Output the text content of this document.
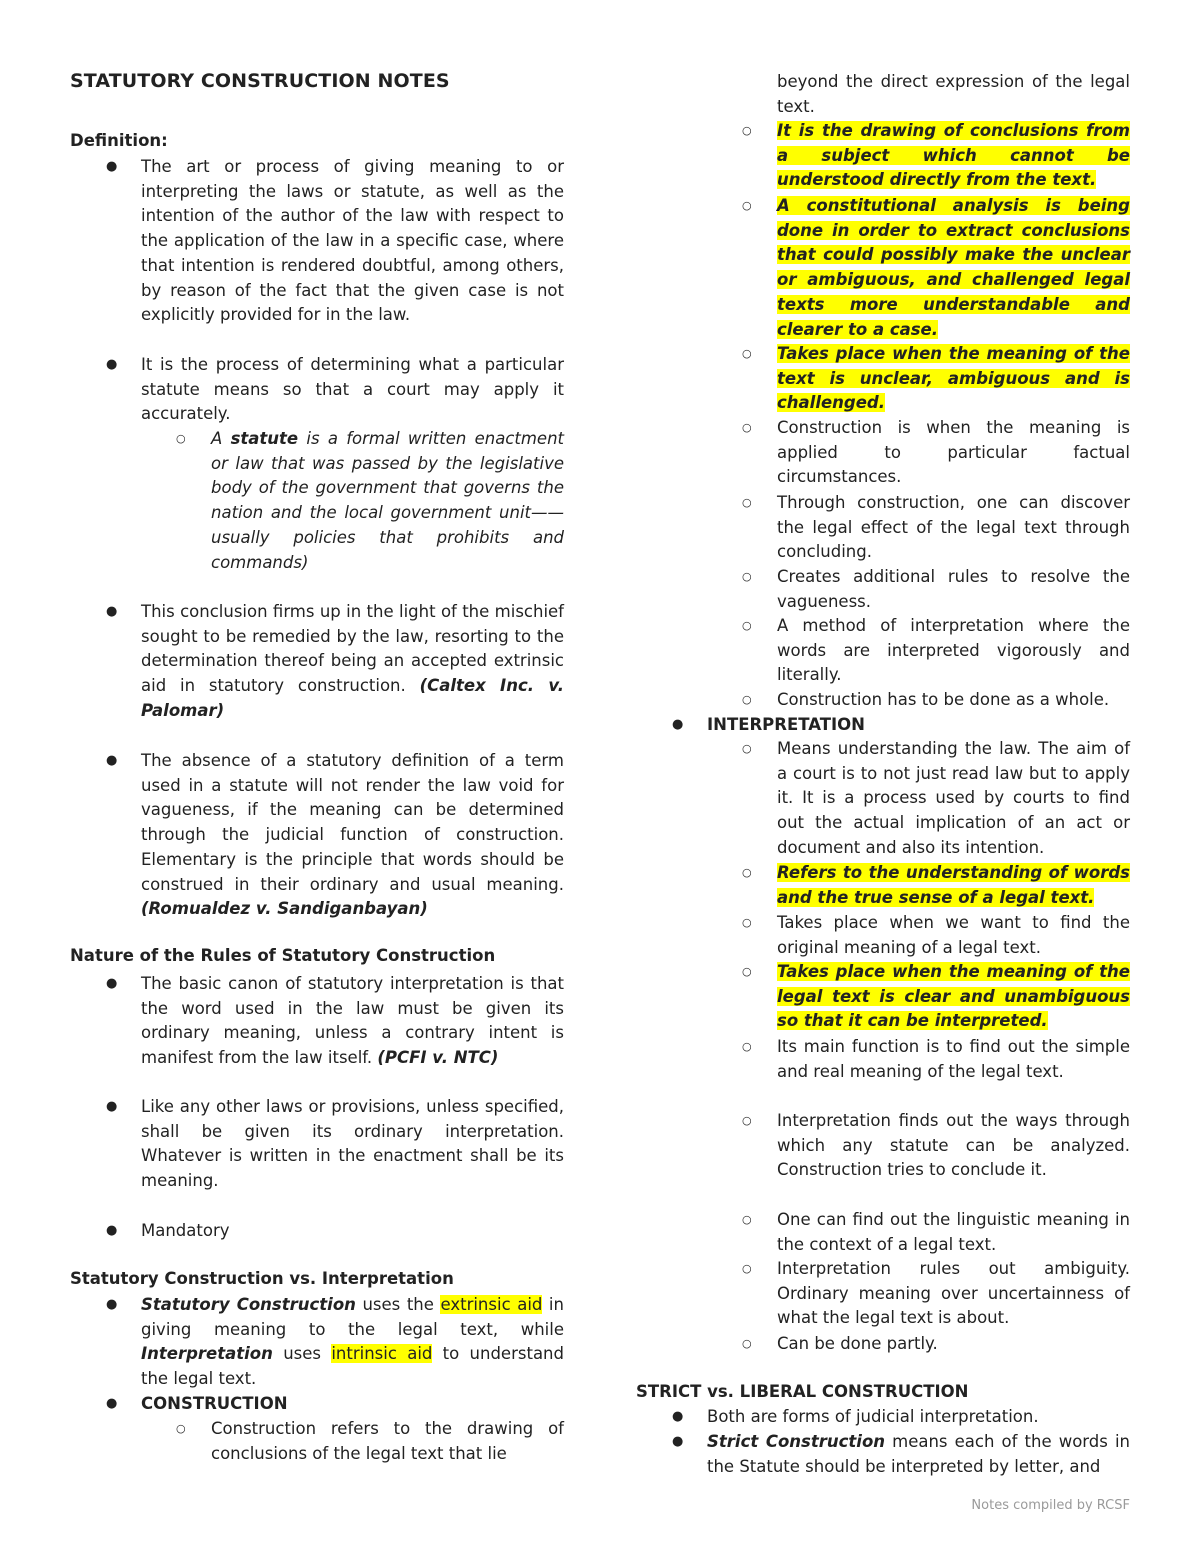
STATUTORY CONSTRUCTION NOTES
Definition:
● The art or process of giving meaning to or interpreting the laws or statute, as well as the intention of the author of the law with respect to the application of the law in a specific case, where that intention is rendered doubtful, among others, by reason of the fact that the given case is not explicitly provided for in the law.
● It is the process of determining what a particular statute means so that a court may apply it accurately.
○ A statute is a formal written enactment or law that was passed by the legislative body of the government that governs the nation and the local government unit——usually policies that prohibits and commands)
● This conclusion firms up in the light of the mischief sought to be remedied by the law, resorting to the determination thereof being an accepted extrinsic aid in statutory construction. (Caltex Inc. v. Palomar)
● The absence of a statutory definition of a term used in a statute will not render the law void for vagueness, if the meaning can be determined through the judicial function of construction. Elementary is the principle that words should be construed in their ordinary and usual meaning. (Romualdez v. Sandiganbayan)
Nature of the Rules of Statutory Construction
● The basic canon of statutory interpretation is that the word used in the law must be given its ordinary meaning, unless a contrary intent is manifest from the law itself. (PCFI v. NTC)
● Like any other laws or provisions, unless specified, shall be given its ordinary interpretation. Whatever is written in the enactment shall be its meaning.
● Mandatory
Statutory Construction vs. Interpretation
● Statutory Construction uses the extrinsic aid in giving meaning to the legal text, while Interpretation uses intrinsic aid to understand the legal text.
● CONSTRUCTION
○ Construction refers to the drawing of conclusions of the legal text that lie
beyond the direct expression of the legal text.
○ It is the drawing of conclusions from a subject which cannot be understood directly from the text.
○ A constitutional analysis is being done in order to extract conclusions that could possibly make the unclear or ambiguous, and challenged legal texts more understandable and clearer to a case.
○ Takes place when the meaning of the text is unclear, ambiguous and is challenged.
○ Construction is when the meaning is applied to particular factual circumstances.
○ Through construction, one can discover the legal effect of the legal text through concluding.
○ Creates additional rules to resolve the vagueness.
○ A method of interpretation where the words are interpreted vigorously and literally.
○ Construction has to be done as a whole.
● INTERPRETATION
○ Means understanding the law. The aim of a court is to not just read law but to apply it. It is a process used by courts to find out the actual implication of an act or document and also its intention.
○ Refers to the understanding of words and the true sense of a legal text.
○ Takes place when we want to find the original meaning of a legal text.
○ Takes place when the meaning of the legal text is clear and unambiguous so that it can be interpreted.
○ Its main function is to find out the simple and real meaning of the legal text.
○ Interpretation finds out the ways through which any statute can be analyzed. Construction tries to conclude it.
○ One can find out the linguistic meaning in the context of a legal text.
○ Interpretation rules out ambiguity. Ordinary meaning over uncertainness of what the legal text is about.
○ Can be done partly.
STRICT vs. LIBERAL CONSTRUCTION
● Both are forms of judicial interpretation.
● Strict Construction means each of the words in the Statute should be interpreted by letter, and
Notes compiled by RCSF
